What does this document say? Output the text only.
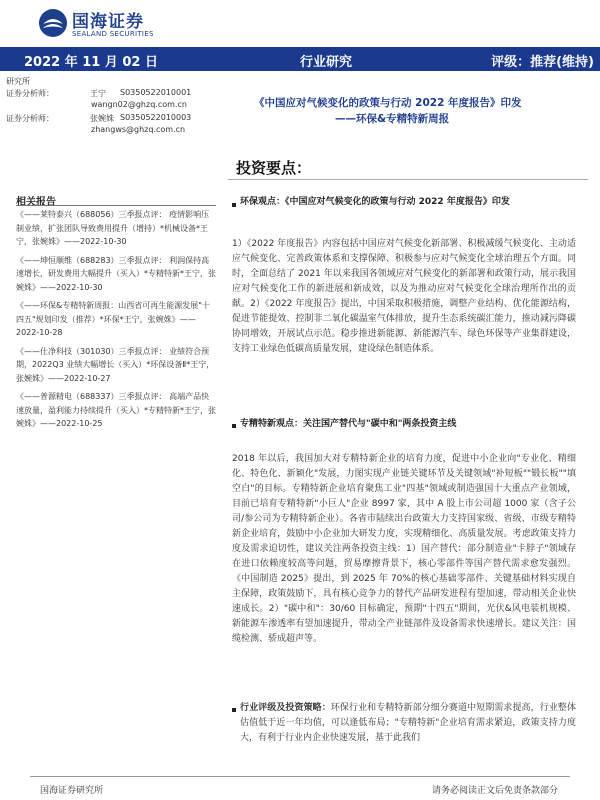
国海证券
SEALAND SECURITIES
2022 年 11 月 02 日	行业研究	评级：推荐(维持)
研究所
证券分析师：	王宁 S0350522010001
wangn02@ghzq.com.cn
证券分析师：	张婉姝 S0350522010003
zhangws@ghzq.com.cn
相关报告
《——莱特泰兴（688056）三季报点评： 疫情影响压制业绩，扩张团队导致费用提升（增持）*机械设备*王宁，张婉姝》——2022-10-30
《——坤恒顺维（688283）三季报点评： 利润保持高速增长，研发费用大幅提升（买入）*专精特新*王宁，张婉姝》——2022-10-30
《——环保&专精特新周报：山西省可再生能源发展"十四五"规划印发（推荐）*环保*王宁，张婉姝》——2022-10-28
《——仕净科技（301030）三季报点评： 业绩符合预期，2022Q3 业绩大幅增长（买入）*环保设备Ⅱ*王宁，张婉姝》——2022-10-27
《——普源精电（688337）三季报点评： 高端产品快速放量，盈利能力持续提升（买入）*专精特新*王宁，张婉姝》——2022-10-25
《中国应对气候变化的政策与行动 2022 年度报告》印发
——环保&专精特新周报
投资要点：
环保观点：《中国应对气候变化的政策与行动 2022 年度报告》印发
1）《2022 年度报告》内容包括中国应对气候变化新部署、积极减缓气候变化、主动适应气候变化、完善政策体系和支撑保障、积极参与应对气候变化全球治理五个方面。同时，全面总结了 2021 年以来我国各领域应对气候变化的新部署和政策行动，展示我国应对气候变化工作的新进展和新成效，以及为推动应对气候变化全球治理所作出的贡献。2）《2022 年度报告》提出，中国采取积极措施，调整产业结构、优化能源结构，促进节能提效、控制非二氧化碳温室气体排放，提升生态系统碳汇能力，推动减污降碳协同增效，开展试点示范。稳步推进新能源、新能源汽车、绿色环保等产业集群建设，支持工业绿色低碳高质量发展，建设绿色制造体系。
专精特新观点：关注国产替代与"碳中和"两条投资主线
2018 年以后，我国加大对专精特新企业的培育力度，促进中小企业向"专业化、精细化、特色化、新颖化"发展，力图实现产业链关键环节及关键领域"补短板""锻长板""填空白"的目标。专精特新企业培育聚焦工业"四基"领域或制造强国十大重点产业领域，目前已培育专精特新"小巨人"企业 8997 家，其中 A 股上市公司超 1000 家（含子公司/参公司为专精特新企业）。各省市陆续出台政策大力支持国家级、省级、市级专精特新企业培育，鼓励中小企业加大研发力度，实现精细化、高质量发展。考虑政策支持力度及需求迫切性，建议关注两条投资主线：1）国产替代：部分制造业"卡脖子"领域存在进口依赖度较高等问题，贸易摩擦背景下，核心零部件等国产替代需求愈发强烈。《中国制造 2025》提出，到 2025 年 70%的核心基础零部件、关键基础材料实现自主保障，政策鼓励下，具有核心竞争力的替代产品研发进程有望加速，带动相关企业快速成长。2）"碳中和"：30/60 目标确定，预期"十四五"期间，光伏&风电装机规模、新能源车渗透率有望加速提升，带动全产业链部件及设备需求快速增长。建议关注：国缆检测、骄成超声等。
行业评级及投资策略：环保行业和专精特新部分细分赛道中短期需求提高，行业整体估值低于近一年均值，可以逢低布局；"专精特新"企业培育需求紧迫，政策支持力度大，有利于行业内企业快速发展，基于此我们
国海证券研究所	请务必阅读正文后免责条款部分
